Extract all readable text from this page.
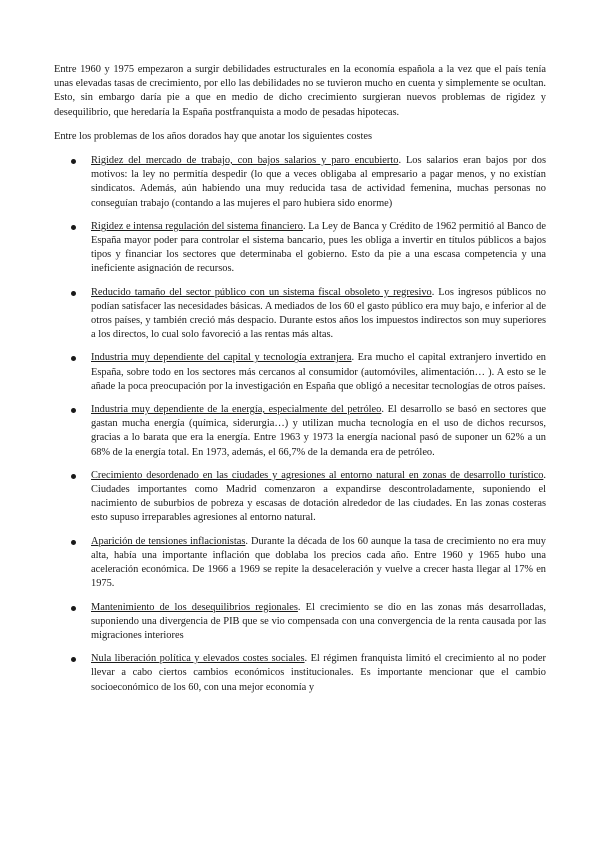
Entre 1960 y 1975 empezaron a surgir debilidades estructurales en la economía española a la vez que el país tenía unas elevadas tasas de crecimiento, por ello las debilidades no se tuvieron mucho en cuenta y simplemente se ocultan. Esto, sin embargo daría pie a que en medio de dicho crecimiento surgieran nuevos problemas de rigidez y desequilibrio, que heredaría la España postfranquista a modo de pesadas hipotecas.

Entre los problemas de los años dorados hay que anotar los siguientes costes

Rigidez del mercado de trabajo, con bajos salarios y paro encubierto. Los salarios eran bajos por dos motivos: la ley no permitía despedir (lo que a veces obligaba al empresario a pagar menos, y no existían sindicatos. Además, aún habiendo una muy reducida tasa de actividad femenina, muchas personas no conseguían trabajo (contando a las mujeres el paro hubiera sido enorme)
Rigidez e intensa regulación del sistema financiero. La Ley de Banca y Crédito de 1962 permitió al Banco de España mayor poder para controlar el sistema bancario, pues les obliga a invertir en títulos públicos a bajos tipos y financiar los sectores que determinaba el gobierno. Esto da pie a una escasa competencia y una ineficiente asignación de recursos.
Reducido tamaño del sector público con un sistema fiscal obsoleto y regresivo. Los ingresos públicos no podían satisfacer las necesidades básicas. A mediados de los 60 el gasto público era muy bajo, e inferior al de otros países, y también creció más despacio. Durante estos años los impuestos indirectos son muy superiores a los directos, lo cual solo favoreció a las rentas más altas.
Industria muy dependiente del capital y tecnología extranjera. Era mucho el capital extranjero invertido en España, sobre todo en los sectores más cercanos al consumidor (automóviles, alimentación… ). A esto se le añade la poca preocupación por la investigación en España que obligó a necesitar tecnologías de otros países.
Industria muy dependiente de la energía, especialmente del petróleo. El desarrollo se basó en sectores que gastan mucha energía (química, siderurgia…) y utilizan mucha tecnología en el uso de dichos recursos, gracias a lo barata que era la energía. Entre 1963 y 1973 la energía nacional pasó de suponer un 62% a un 68% de la energía total. En 1973, además, el 66,7% de la demanda era de petróleo.
Crecimiento desordenado en las ciudades y agresiones al entorno natural en zonas de desarrollo turístico. Ciudades importantes como Madrid comenzaron a expandirse descontroladamente, suponiendo el nacimiento de suburbios de pobreza y escasas de dotación alrededor de las ciudades. En las zonas costeras esto supuso irreparables agresiones al entorno natural.
Aparición de tensiones inflacionistas. Durante la década de los 60 aunque la tasa de crecimiento no era muy alta, había una importante inflación que doblaba los precios cada año. Entre 1960 y 1965 hubo una aceleración económica. De 1966 a 1969 se repite la desaceleración y vuelve a crecer hasta llegar al 17% en 1975.
Mantenimiento de los desequilibrios regionales. El crecimiento se dio en las zonas más desarrolladas, suponiendo una divergencia de PIB que se vio compensada con una convergencia de la renta causada por las migraciones interiores
Nula liberación política y elevados costes sociales. El régimen franquista limitó el crecimiento al no poder llevar a cabo ciertos cambios económicos institucionales. Es importante mencionar que el cambio socioeconómico de los 60, con una mejor economía y
